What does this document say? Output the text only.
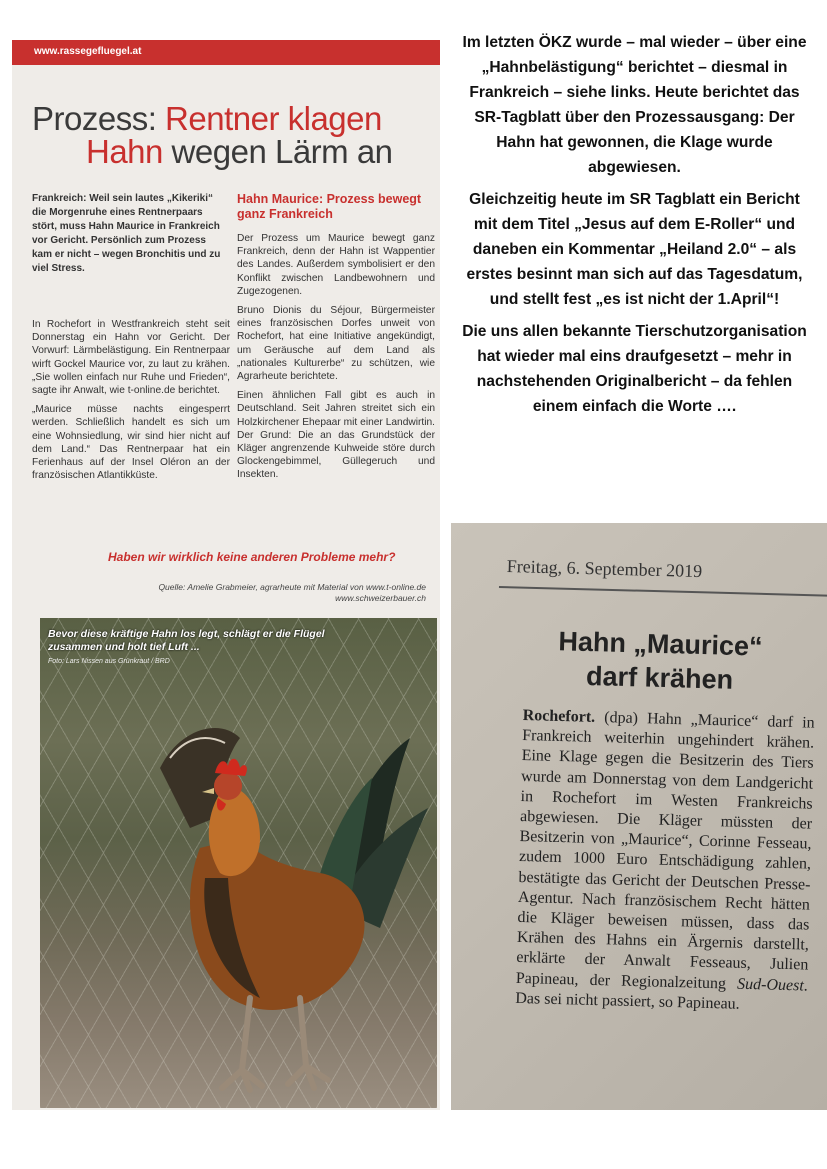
www.rassegefluegel.at
Prozess: Rentner klagen
Hahn wegen Lärm an
Frankreich: Weil sein lautes „Kikeriki“ die Morgenruhe eines Rentnerpaars stört, muss Hahn Maurice in Frankreich vor Gericht. Persönlich zum Prozess kam er nicht – wegen Bronchitis und zu viel Stress.

In Rochefort in Westfrankreich steht seit Donnerstag ein Hahn vor Gericht. Der Vorwurf: Lärmbelästigung. Ein Rentnerpaar wirft Gockel Maurice vor, zu laut zu krähen. „Sie wollen einfach nur Ruhe und Frieden“, sagte ihr Anwalt, wie t-online.de berichtet.

„Maurice müsse nachts eingesperrt werden. Schließlich handelt es sich um eine Wohnsiedlung, wir sind hier nicht auf dem Land.“ Das Rentnerpaar hat ein Ferienhaus auf der Insel Oléron an der französischen Atlantikküste.

Hahn Maurice: Prozess bewegt ganz Frankreich

Der Prozess um Maurice bewegt ganz Frankreich, denn der Hahn ist Wappentier des Landes. Außerdem symbolisiert er den Konflikt zwischen Landbewohnern und Zugezogenen.

Bruno Dionis du Séjour, Bürgermeister eines französischen Dorfes unweit von Rochefort, hat eine Initiative angekündigt, um Geräusche auf dem Land als „nationales Kulturerbe“ zu schützen, wie Agrarheute berichtete.

Einen ähnlichen Fall gibt es auch in Deutschland. Seit Jahren streitet sich ein Holzkirchener Ehepaar mit einer Landwirtin. Der Grund: Die an das Grundstück der Kläger angrenzende Kuhweide störe durch Glockengebimmel, Güllegeruch und Insekten.

Haben wir wirklich keine anderen Probleme mehr?
Quelle: Amelie Grabmeier, agrarheute mit Material von www.t-online.de
www.schweizerbauer.ch
Bevor diese kräftige Hahn los legt, schlägt er die Flügel zusammen und holt tief Luft ...
Foto: Lars Nissen aus Grünkraut / BRD

Im letzten ÖKZ wurde – mal wieder – über eine „Hahnbelästigung“ berichtet – diesmal in Frankreich – siehe links. Heute berichtet das SR-Tagblatt über den Prozessausgang: Der Hahn hat gewonnen, die Klage wurde abgewiesen.

Gleichzeitig heute im SR Tagblatt ein Bericht mit dem Titel „Jesus auf dem E-Roller“ und daneben ein Kommentar „Heiland 2.0“ – als erstes besinnt man sich auf das Tagesdatum, und stellt fest „es ist nicht der 1.April“!

Die uns allen bekannte Tierschutzorganisation hat wieder mal eins draufgesetzt – mehr in nachstehenden Originalbericht – da fehlen einem einfach die Worte ….

Freitag, 6. September 2019
Hahn „Maurice“
darf krähen
Rochefort. (dpa) Hahn „Maurice“ darf in Frankreich weiterhin ungehindert krähen. Eine Klage gegen die Besitzerin des Tiers wurde am Donnerstag von dem Landgericht in Rochefort im Westen Frankreichs abgewiesen. Die Kläger müssten der Besitzerin von „Maurice“, Corinne Fesseau, zudem 1000 Euro Entschädigung zahlen, bestätigte das Gericht der Deutschen Presse-Agentur. Nach französischem Recht hätten die Kläger beweisen müssen, dass das Krähen des Hahns ein Ärgernis darstellt, erklärte der Anwalt Fesseaus, Julien Papineau, der Regionalzeitung Sud-Ouest. Das sei nicht passiert, so Papineau.
